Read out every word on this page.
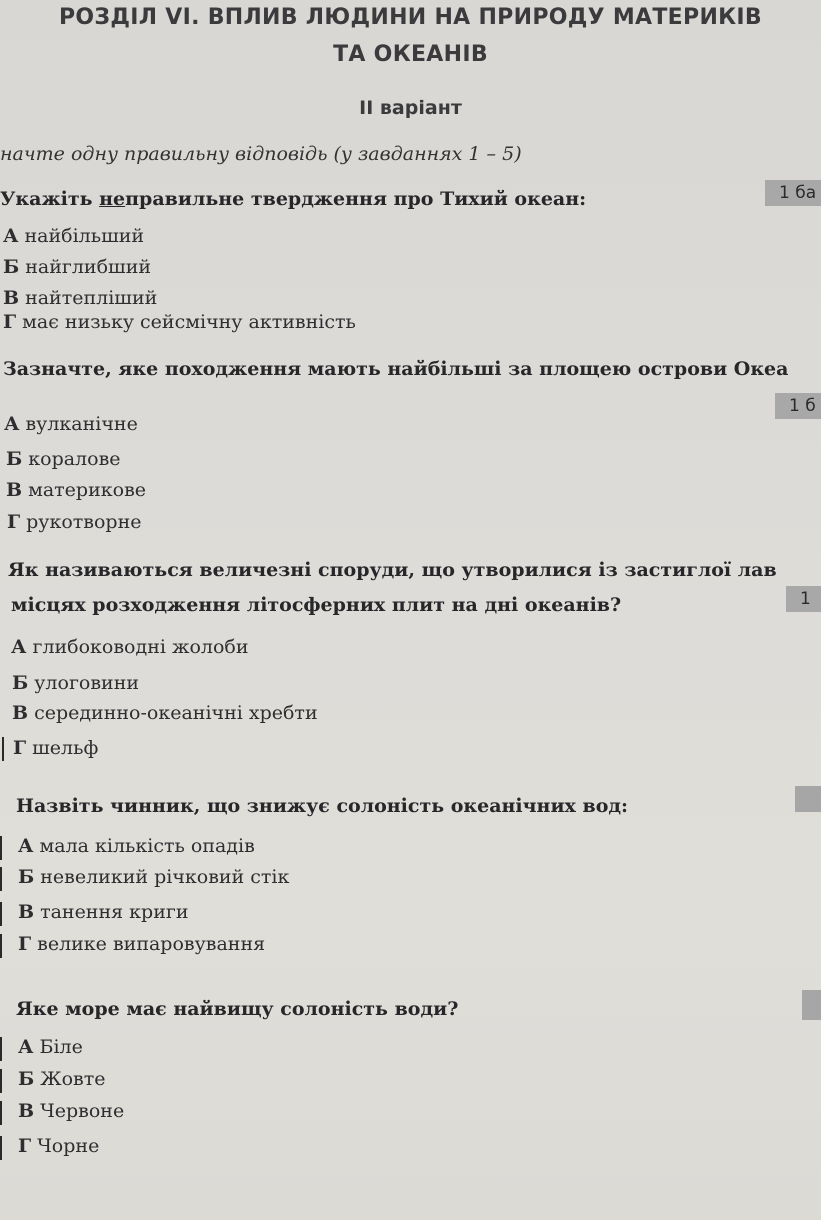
РОЗДІЛ VI. ВПЛИВ ЛЮДИНИ НА ПРИРОДУ МАТЕРИКІВ
ТА ОКЕАНІВ
II варіант
начте одну правильну відповідь (у завданнях 1 – 5)
Укажіть неправильне твердження про Тихий океан:	1 ба
А найбільший
Б найглибший
В найтепліший
Г має низьку сейсмічну активність
Зазначте, яке походження мають найбільші за площею острови Океа
1 б
А вулканічне
Б коралове
В материкове
Г рукотворне
Як називаються величезні споруди, що утворилися із застиглої лав
місцях розходження літосферних плит на дні океанів?	1
А глибоководні жолоби
Б улоговини
В серединно-океанічні хребти
Г шельф
Назвіть чинник, що знижує солоність океанічних вод:
А мала кількість опадів
Б невеликий річковий стік
В танення криги
Г велике випаровування
Яке море має найвищу солоність води?
А Біле
Б Жовте
В Червоне
Г Чорне
